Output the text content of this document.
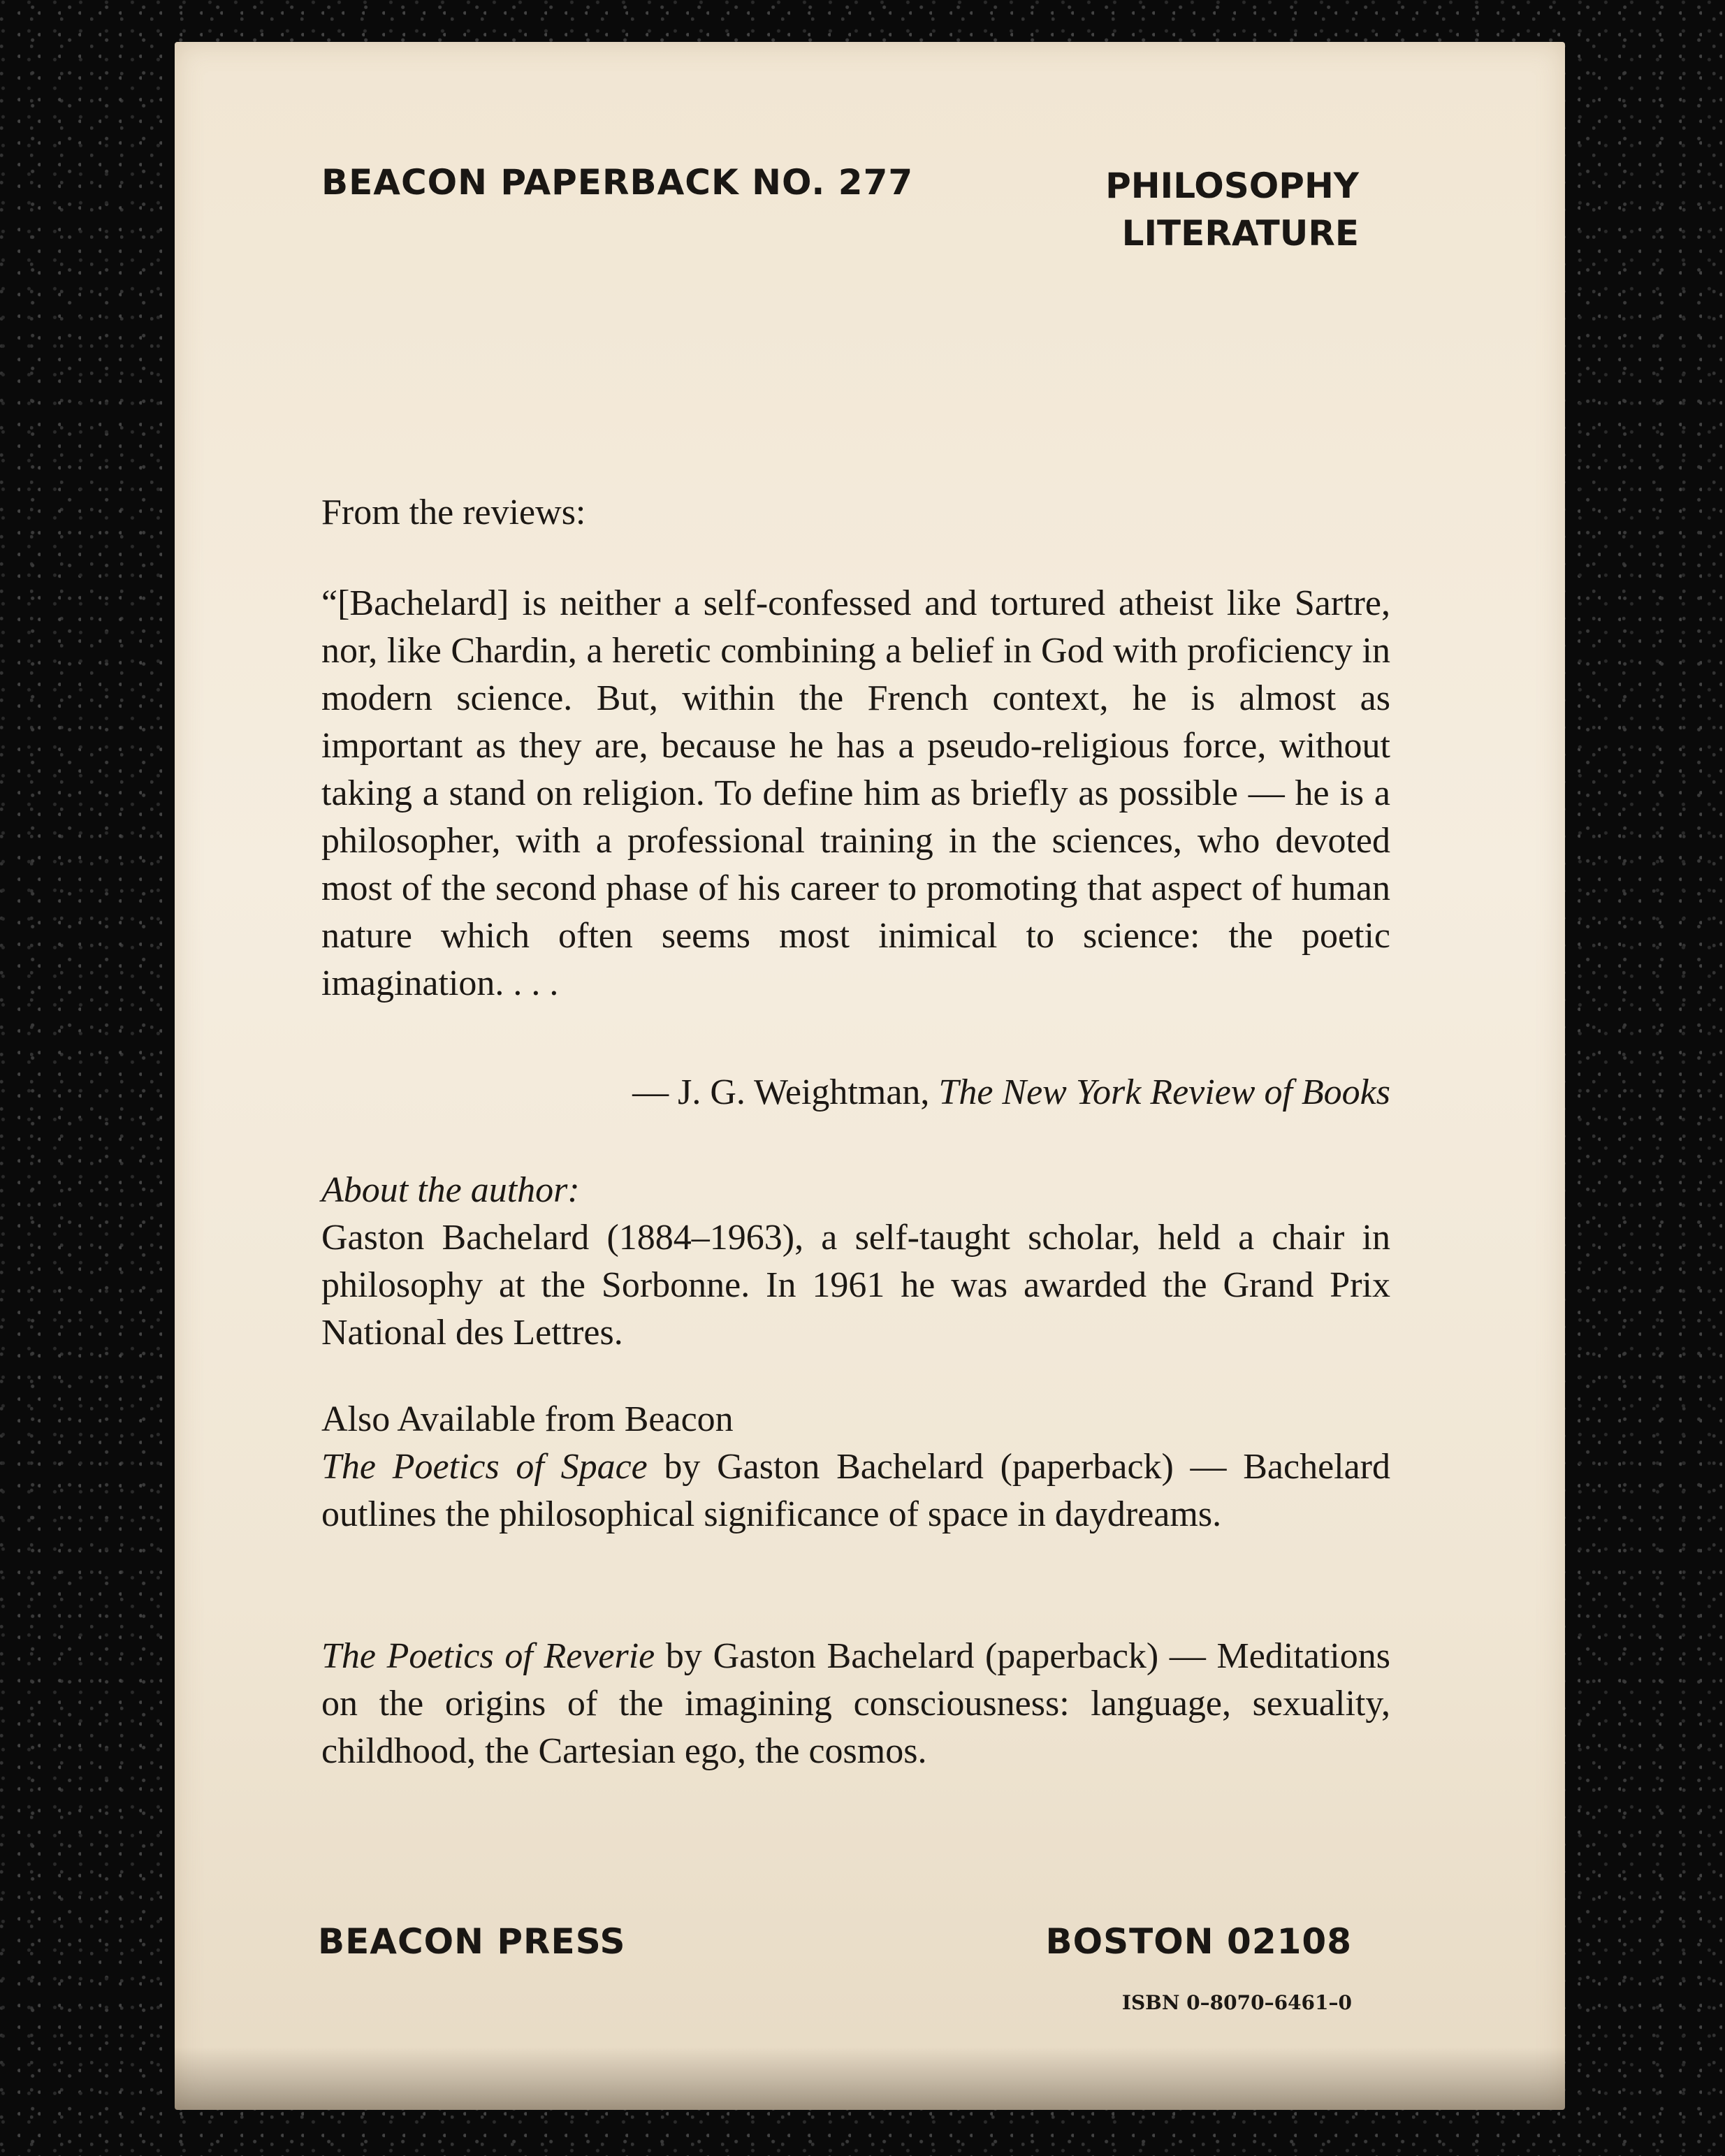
BEACON PAPERBACK NO. 277	PHILOSOPHY
LITERATURE
From the reviews:
“[Bachelard] is neither a self-confessed and tortured atheist like Sartre, nor, like Chardin, a heretic combining a belief in God with proficiency in modern science. But, within the French context, he is almost as important as they are, because he has a pseudo-religious force, without taking a stand on religion. To define him as briefly as possible — he is a philosopher, with a professional training in the sciences, who devoted most of the second phase of his career to promoting that aspect of human nature which often seems most inimical to science: the poetic imagination. . . .
— J. G. Weightman, The New York Review of Books
About the author:
Gaston Bachelard (1884–1963), a self-taught scholar, held a chair in philosophy at the Sorbonne. In 1961 he was awarded the Grand Prix National des Lettres.
Also Available from Beacon
The Poetics of Space by Gaston Bachelard (paperback) — Bachelard outlines the philosophical significance of space in daydreams.
The Poetics of Reverie by Gaston Bachelard (paperback) — Meditations on the origins of the imagining consciousness: language, sexuality, childhood, the Cartesian ego, the cosmos.
BEACON PRESS	BOSTON 02108
ISBN 0–8070–6461–0
